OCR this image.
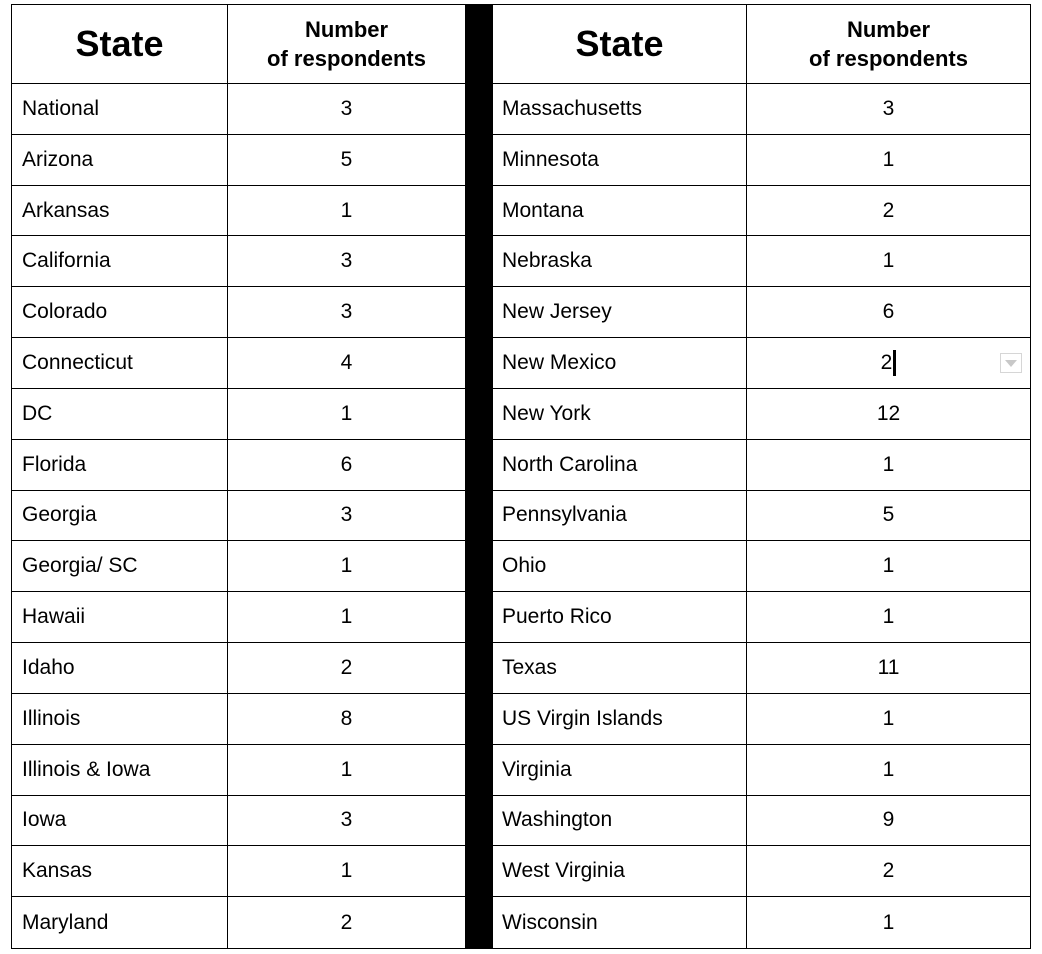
State	Number
of respondents
National	3
Arizona	5
Arkansas	1
California	3
Colorado	3
Connecticut	4
DC	1
Florida	6
Georgia	3
Georgia/ SC	1
Hawaii	1
Idaho	2
Illinois	8
Illinois & Iowa	1
Iowa	3
Kansas	1
Maryland	2
State	Number
of respondents
Massachusetts	3
Minnesota	1
Montana	2
Nebraska	1
New Jersey	6
New Mexico	2
New York	12
North Carolina	1
Pennsylvania	5
Ohio	1
Puerto Rico	1
Texas	11
US Virgin Islands	1
Virginia	1
Washington	9
West Virginia	2
Wisconsin	1
